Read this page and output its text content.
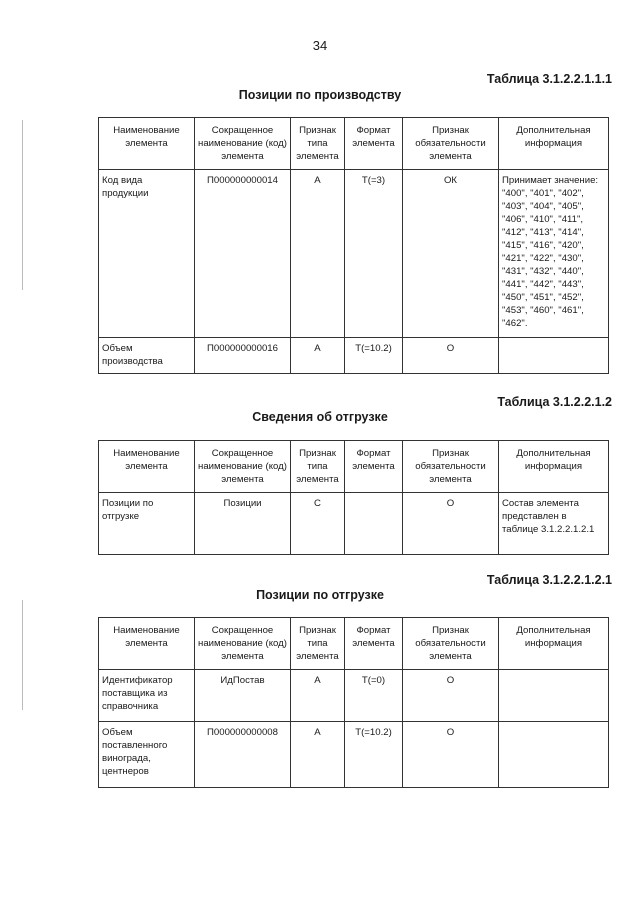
34
Таблица 3.1.2.2.1.1.1
Позиции по производству
Наименование элемента	Сокращенное наименование (код) элемента	Признак типа элемента	Формат элемента	Признак обязательности элемента	Дополнительная информация
Код вида продукции	П000000000014	А	Т(=3)	ОК	Принимает значение: "400", "401", "402", "403", "404", "405", "406", "410", "411", "412", "413", "414", "415", "416", "420", "421", "422", "430", "431", "432", "440", "441", "442", "443", "450", "451", "452", "453", "460", "461", "462".
Объем производства	П000000000016	А	Т(=10.2)	О	
Таблица 3.1.2.2.1.2
Сведения об отгрузке
Наименование элемента	Сокращенное наименование (код) элемента	Признак типа элемента	Формат элемента	Признак обязательности элемента	Дополнительная информация
Позиции по отгрузке	Позиции	С		О	Состав элемента представлен в таблице 3.1.2.2.1.2.1
Таблица 3.1.2.2.1.2.1
Позиции по отгрузке
Наименование элемента	Сокращенное наименование (код) элемента	Признак типа элемента	Формат элемента	Признак обязательности элемента	Дополнительная информация
Идентификатор поставщика из справочника	ИдПостав	А	Т(=0)	О	
Объем поставленного винограда, центнеров	П000000000008	А	Т(=10.2)	О	
